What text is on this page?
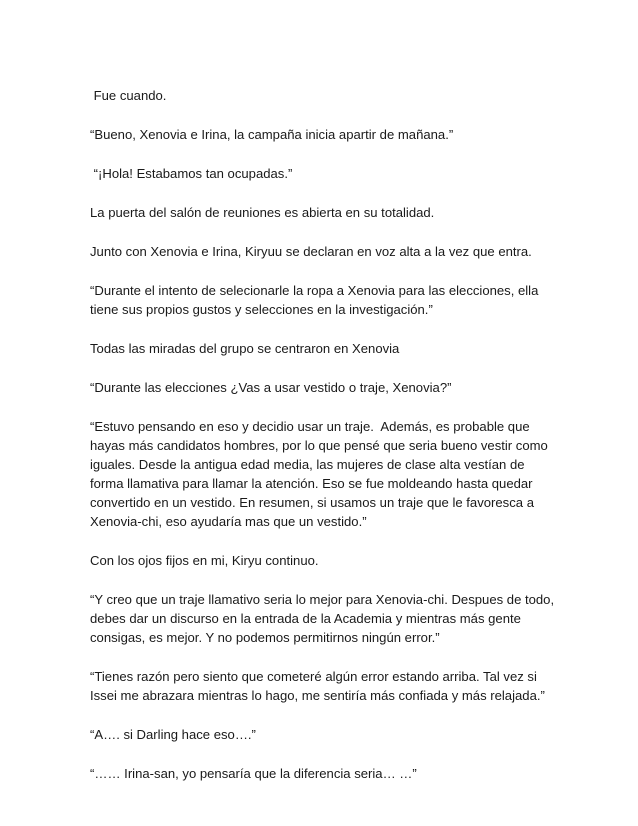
Fue cuando.

“Bueno, Xenovia e Irina, la campaña inicia apartir de mañana.”

“¡Hola! Estabamos tan ocupadas.”

La puerta del salón de reuniones es abierta en su totalidad.

Junto con Xenovia e Irina, Kiryuu se declaran en voz alta a la vez que entra.

“Durante el intento de selecionarle la ropa a Xenovia para las elecciones, ella tiene sus propios gustos y selecciones en la investigación.”

Todas las miradas del grupo se centraron en Xenovia

“Durante las elecciones ¿Vas a usar vestido o traje, Xenovia?”

“Estuvo pensando en eso y decidio usar un traje.  Además, es probable que hayas más candidatos hombres, por lo que pensé que seria bueno vestir como iguales. Desde la antigua edad media, las mujeres de clase alta vestían de forma llamativa para llamar la atención. Eso se fue moldeando hasta quedar convertido en un vestido. En resumen, si usamos un traje que le favoresca a Xenovia-chi, eso ayudaría mas que un vestido.”

Con los ojos fijos en mi, Kiryu continuo.

“Y creo que un traje llamativo seria lo mejor para Xenovia-chi. Despues de todo, debes dar un discurso en la entrada de la Academia y mientras más gente consigas, es mejor. Y no podemos permitirnos ningún error.”

“Tienes razón pero siento que cometeré algún error estando arriba. Tal vez si Issei me abrazara mientras lo hago, me sentiría más confiada y más relajada.”

“A…. si Darling hace eso….”

“…… Irina-san, yo pensaría que la diferencia seria… …”
